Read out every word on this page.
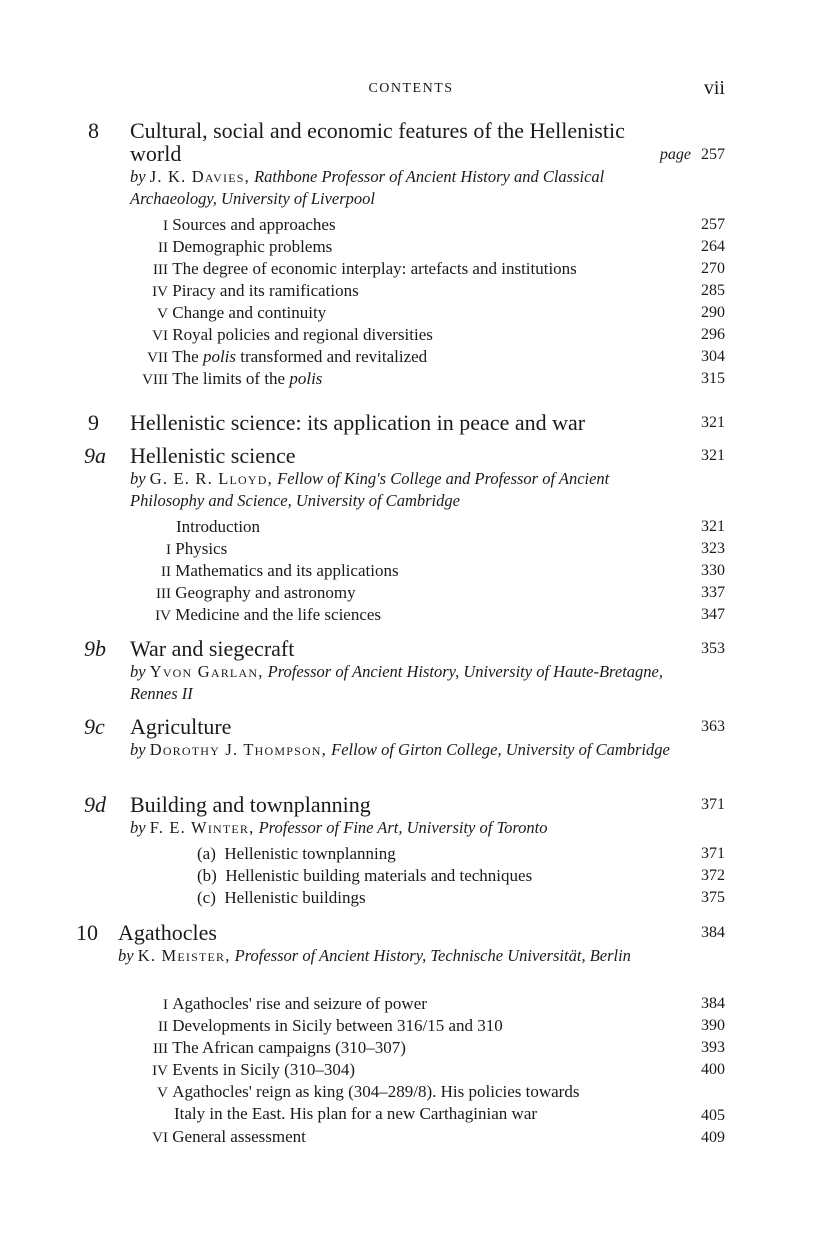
CONTENTS	vii
8 Cultural, social and economic features of the Hellenistic
world	page 257
by J. K. Davies, Rathbone Professor of Ancient History and Classical Archaeology, University of Liverpool
I Sources and approaches	257
II Demographic problems	264
III The degree of economic interplay: artefacts and institutions	270
IV Piracy and its ramifications	285
V Change and continuity	290
VI Royal policies and regional diversities	296
VII The polis transformed and revitalized	304
VIII The limits of the polis	315
9 Hellenistic science: its application in peace and war	321
9a Hellenistic science	321
by G. E. R. Lloyd, Fellow of King's College and Professor of Ancient Philosophy and Science, University of Cambridge
Introduction	321
I Physics	323
II Mathematics and its applications	330
III Geography and astronomy	337
IV Medicine and the life sciences	347
9b War and siegecraft	353
by Yvon Garlan, Professor of Ancient History, University of Haute-Bretagne, Rennes II
9c Agriculture	363
by Dorothy J. Thompson, Fellow of Girton College, University of Cambridge
9d Building and townplanning	371
by F. E. Winter, Professor of Fine Art, University of Toronto
(a) Hellenistic townplanning	371
(b) Hellenistic building materials and techniques	372
(c) Hellenistic buildings	375
10 Agathocles	384
by K. Meister, Professor of Ancient History, Technische Universität, Berlin
I Agathocles' rise and seizure of power	384
II Developments in Sicily between 316/15 and 310	390
III The African campaigns (310–307)	393
IV Events in Sicily (310–304)	400
V Agathocles' reign as king (304–289/8). His policies towards
Italy in the East. His plan for a new Carthaginian war	405
VI General assessment	409
